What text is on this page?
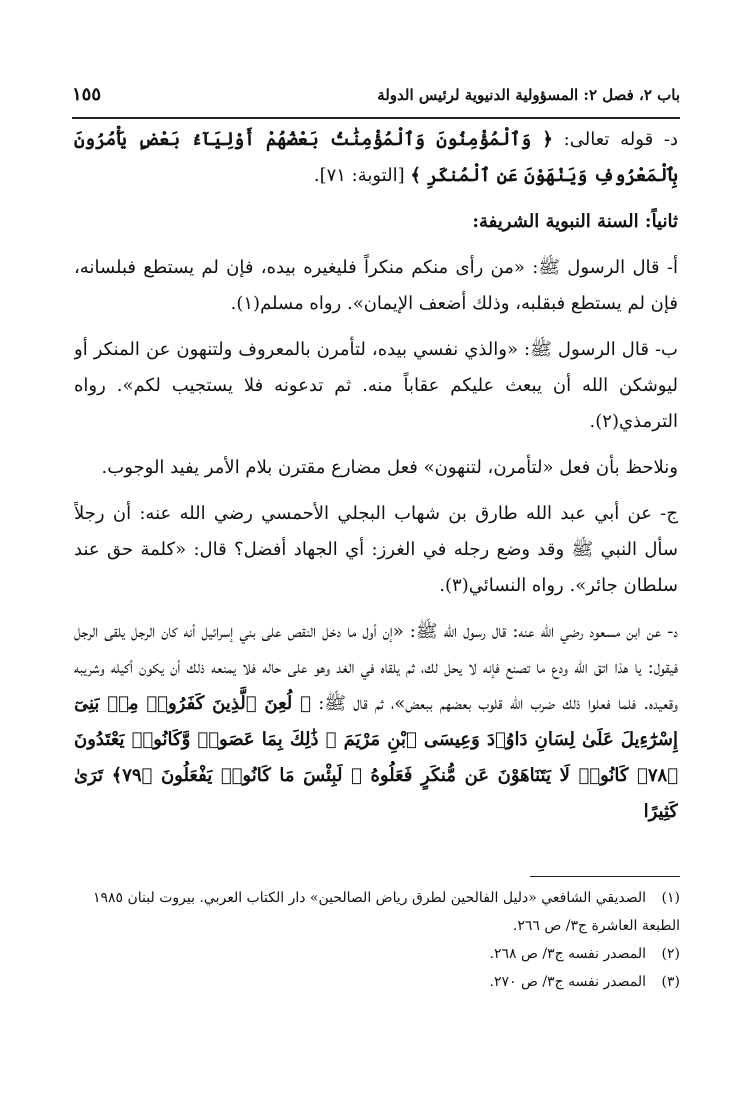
باب ٢، فصل ٢: المسؤولية الدنيوية لرئيس الدولة
١٥٥

د- قوله تعالى: ﴿ وَٱلْمُؤْمِنُونَ وَٱلْمُؤْمِنَٰتُ بَعْضُهُمْ أَوْلِيَآءُ بَعْضٍ يَأْمُرُونَ بِٱلْمَعْرُوفِ وَيَنْهَوْنَ عَنِ ٱلْمُنكَرِ ﴾ [التوبة: ٧١].

ثانياً: السنة النبوية الشريفة:

أ- قال الرسول ﷺ: «من رأى منكم منكراً فليغيره بيده، فإن لم يستطع فبلسانه، فإن لم يستطع فبقلبه، وذلك أضعف الإيمان». رواه مسلم(١).

ب- قال الرسول ﷺ: «والذي نفسي بيده، لتأمرن بالمعروف ولتنهون عن المنكر أو ليوشكن الله أن يبعث عليكم عقاباً منه. ثم تدعونه فلا يستجيب لكم». رواه الترمذي(٢).

ونلاحظ بأن فعل «لتأمرن، لتنهون» فعل مضارع مقترن بلام الأمر يفيد الوجوب.

ج- عن أبي عبد الله طارق بن شهاب البجلي الأحمسي رضي الله عنه: أن رجلاً سأل النبي ﷺ وقد وضع رجله في الغرز: أي الجهاد أفضل؟ قال: «كلمة حق عند سلطان جائر». رواه النسائي(٣).

د- عن ابن مسعود رضي الله عنه: قال رسول الله ﷺ: «إن أول ما دخل النقص على بني إسرائيل أنه كان الرجل يلقى الرجل فيقول: يا هذا اتق الله ودع ما تصنع فإنه لا يحل لك، ثم يلقاه في الغد وهو على حاله فلا يمنعه ذلك أن يكون أكيله وشريبه وقعيده. فلما فعلوا ذلك ضرب الله قلوب بعضهم ببعض»، ثم قال ﷺ: ﴿ لُعِنَ ٱلَّذِينَ كَفَرُوا۟ مِنۢ بَنِىٓ إِسْرَٰٓءِيلَ عَلَىٰ لِسَانِ دَاوُۥدَ وَعِيسَى ٱبْنِ مَرْيَمَ ۚ ذَٰلِكَ بِمَا عَصَوا۟ وَّكَانُوا۟ يَعْتَدُونَ ﴿٧٨﴾ كَانُوا۟ لَا يَتَنَاهَوْنَ عَن مُّنكَرٍ فَعَلُوهُ ۚ لَبِئْسَ مَا كَانُوا۟ يَفْعَلُونَ ﴿٧٩﴾ تَرَىٰ كَثِيرًا

(١)الصديقي الشافعي «دليل الفالحين لطرق رياض الصالحين» دار الكتاب العربي. بيروت لبنان ١٩٨٥ الطبعة العاشرة ج٣/ ص ٢٦٦.

(٢)المصدر نفسه ج٣/ ص ٢٦٨.

(٣)المصدر نفسه ج٣/ ص ٢٧٠.
